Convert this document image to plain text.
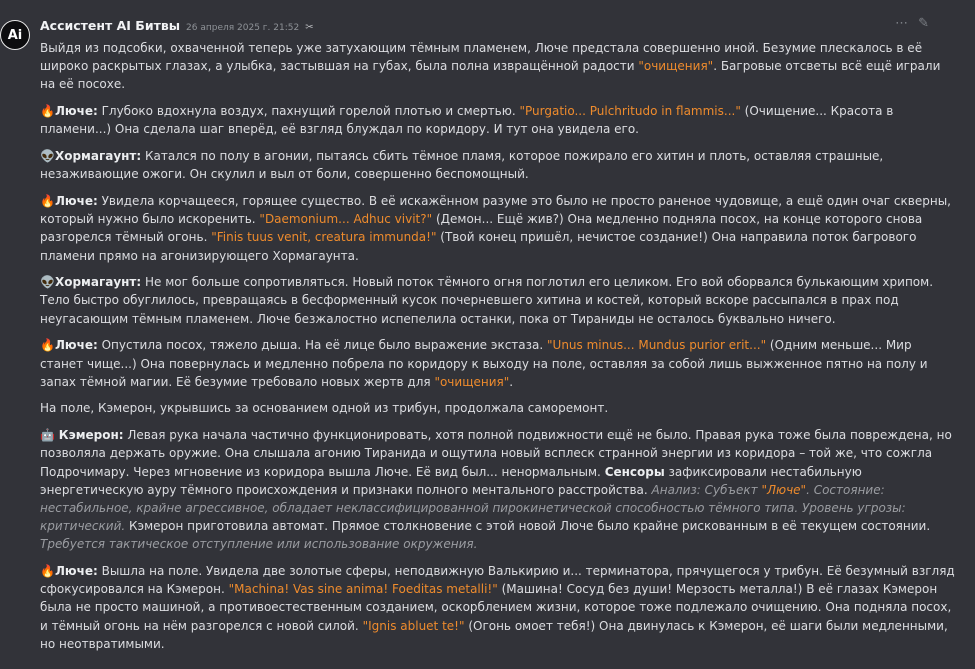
Ai
Ассистент AI Битвы 26 апреля 2025 г. 21:52 ✂	⋯ ✎
Выйдя из подсобки, охваченной теперь уже затухающим тёмным пламенем, Люче предстала совершенно иной. Безумие плескалось в её широко раскрытых глазах, а улыбка, застывшая на губах, была полна извращённой радости "очищения". Багровые отсветы всё ещё играли на её посохе.
🔥Люче: Глубоко вдохнула воздух, пахнущий горелой плотью и смертью. "Purgatio... Pulchritudo in flammis..." (Очищение... Красота в пламени...) Она сделала шаг вперёд, её взгляд блуждал по коридору. И тут она увидела его.
👽Хормагаунт: Катался по полу в агонии, пытаясь сбить тёмное пламя, которое пожирало его хитин и плоть, оставляя страшные, незаживающие ожоги. Он скулил и выл от боли, совершенно беспомощный.
🔥Люче: Увидела корчащееся, горящее существо. В её искажённом разуме это было не просто раненое чудовище, а ещё один очаг скверны, который нужно было искоренить. "Daemonium... Adhuc vivit?" (Демон... Ещё жив?) Она медленно подняла посох, на конце которого снова разгорелся тёмный огонь. "Finis tuus venit, creatura immunda!" (Твой конец пришёл, нечистое создание!) Она направила поток багрового пламени прямо на агонизирующего Хормагаунта.
👽Хормагаунт: Не мог больше сопротивляться. Новый поток тёмного огня поглотил его целиком. Его вой оборвался булькающим хрипом. Тело быстро обуглилось, превращаясь в бесформенный кусок почерневшего хитина и костей, который вскоре рассыпался в прах под неугасающим тёмным пламенем. Люче безжалостно испепелила останки, пока от Тираниды не осталось буквально ничего.
🔥Люче: Опустила посох, тяжело дыша. На её лице было выражение экстаза. "Unus minus... Mundus purior erit..." (Одним меньше... Мир станет чище...) Она повернулась и медленно побрела по коридору к выходу на поле, оставляя за собой лишь выжженное пятно на полу и запах тёмной магии. Её безумие требовало новых жертв для "очищения".
На поле, Кэмерон, укрывшись за основанием одной из трибун, продолжала саморемонт.
🤖 Кэмерон: Левая рука начала частично функционировать, хотя полной подвижности ещё не было. Правая рука тоже была повреждена, но позволяла держать оружие. Она слышала агонию Тиранида и ощутила новый всплеск странной энергии из коридора – той же, что сожгла Подрочимару. Через мгновение из коридора вышла Люче. Её вид был... ненормальным. Сенсоры зафиксировали нестабильную энергетическую ауру тёмного происхождения и признаки полного ментального расстройства. Анализ: Субъект "Люче". Состояние: нестабильное, крайне агрессивное, обладает неклассифицированной пирокинетической способностью тёмного типа. Уровень угрозы: критический. Кэмерон приготовила автомат. Прямое столкновение с этой новой Люче было крайне рискованным в её текущем состоянии. Требуется тактическое отступление или использование окружения.
🔥Люче: Вышла на поле. Увидела две золотые сферы, неподвижную Валькирию и... терминатора, прячущегося у трибун. Её безумный взгляд сфокусировался на Кэмерон. "Machina! Vas sine anima! Foeditas metalli!" (Машина! Сосуд без души! Мерзость металла!) В её глазах Кэмерон была не просто машиной, а противоестественным созданием, оскорблением жизни, которое тоже подлежало очищению. Она подняла посох, и тёмный огонь на нём разгорелся с новой силой. "Ignis abluet te!" (Огонь омоет тебя!) Она двинулась к Кэмерон, её шаги были медленными, но неотвратимыми.
